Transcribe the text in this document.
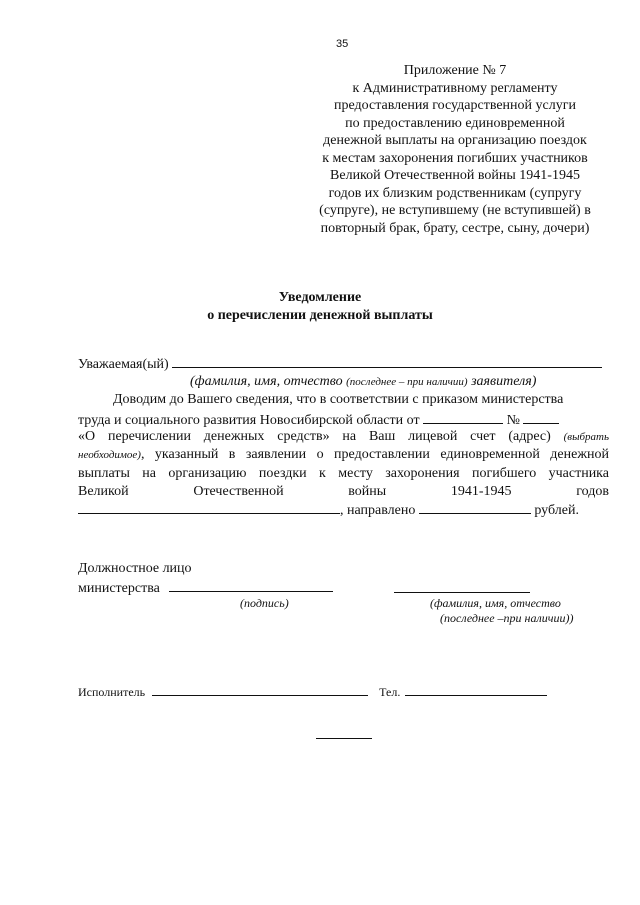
35
Приложение № 7
к Административному регламенту
предоставления государственной услуги
по предоставлению единовременной
денежной выплаты на организацию поездок
к местам захоронения погибших участников
Великой Отечественной войны 1941-1945
годов их близким родственникам (супругу
(супруге), не вступившему (не вступившей) в
повторный брак, брату, сестре, сыну, дочери)
Уведомление
о перечислении денежной выплаты
Уважаемая(ый)
(фамилия, имя, отчество (последнее – при наличии) заявителя)
Доводим до Вашего сведения, что в соответствии с приказом министерства
труда и социального развития Новосибирской области от	№
«О перечислении денежных средств» на Ваш лицевой счет (адрес) (выбрать
необходимое), указанный в заявлении о предоставлении единовременной денежной
выплаты на организацию поездки к месту захоронения погибшего участника
Великой	Отечественной	войны	1941-1945	годов
, направлено	рублей.
Должностное лицо
министерства
(подпись)	(фамилия, имя, отчество
(последнее –при наличии))
Исполнитель	Тел.
